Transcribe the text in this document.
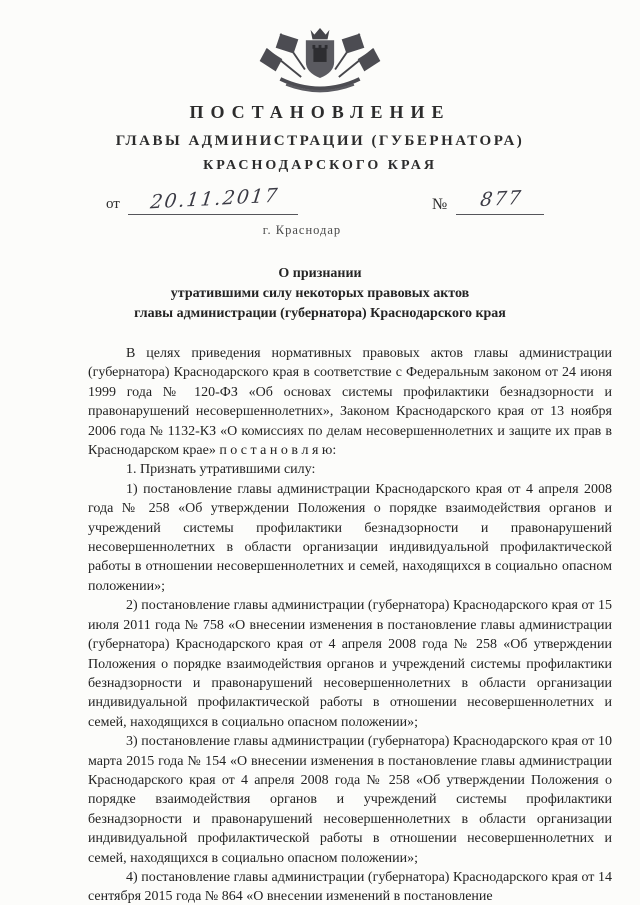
ПОСТАНОВЛЕНИЕ
ГЛАВЫ АДМИНИСТРАЦИИ (ГУБЕРНАТОРА)
КРАСНОДАРСКОГО КРАЯ
от	20.11.2017	№	877
г. Краснодар
О признании
утратившими силу некоторых правовых актов
главы администрации (губернатора) Краснодарского края

В целях приведения нормативных правовых актов главы администрации (губернатора) Краснодарского края в соответствие с Федеральным законом от 24 июня 1999 года № 120-ФЗ «Об основах системы профилактики безнадзорности и правонарушений несовершеннолетних», Законом Краснодарского края от 13 ноября 2006 года № 1132-КЗ «О комиссиях по делам несовершеннолетних и защите их прав в Краснодарском крае» п о с т а н о в л я ю:

1. Признать утратившими силу:

1) постановление главы администрации Краснодарского края от 4 апреля 2008 года № 258 «Об утверждении Положения о порядке взаимодействия органов и учреждений системы профилактики безнадзорности и правонарушений несовершеннолетних в области организации индивидуальной профилактической работы в отношении несовершеннолетних и семей, находящихся в социально опасном положении»;

2) постановление главы администрации (губернатора) Краснодарского края от 15 июля 2011 года № 758 «О внесении изменения в постановление главы администрации (губернатора) Краснодарского края от 4 апреля 2008 года № 258 «Об утверждении Положения о порядке взаимодействия органов и учреждений системы профилактики безнадзорности и правонарушений несовершеннолетних в области организации индивидуальной профилактической работы в отношении несовершеннолетних и семей, находящихся в социально опасном положении»;

3) постановление главы администрации (губернатора) Краснодарского края от 10 марта 2015 года № 154 «О внесении изменения в постановление главы администрации Краснодарского края от 4 апреля 2008 года № 258 «Об утверждении Положения о порядке взаимодействия органов и учреждений системы профилактики безнадзорности и правонарушений несовершеннолетних в области организации индивидуальной профилактической работы в отношении несовершеннолетних и семей, находящихся в социально опасном положении»;

4) постановление главы администрации (губернатора) Краснодарского края от 14 сентября 2015 года № 864 «О внесении изменений в постановление
